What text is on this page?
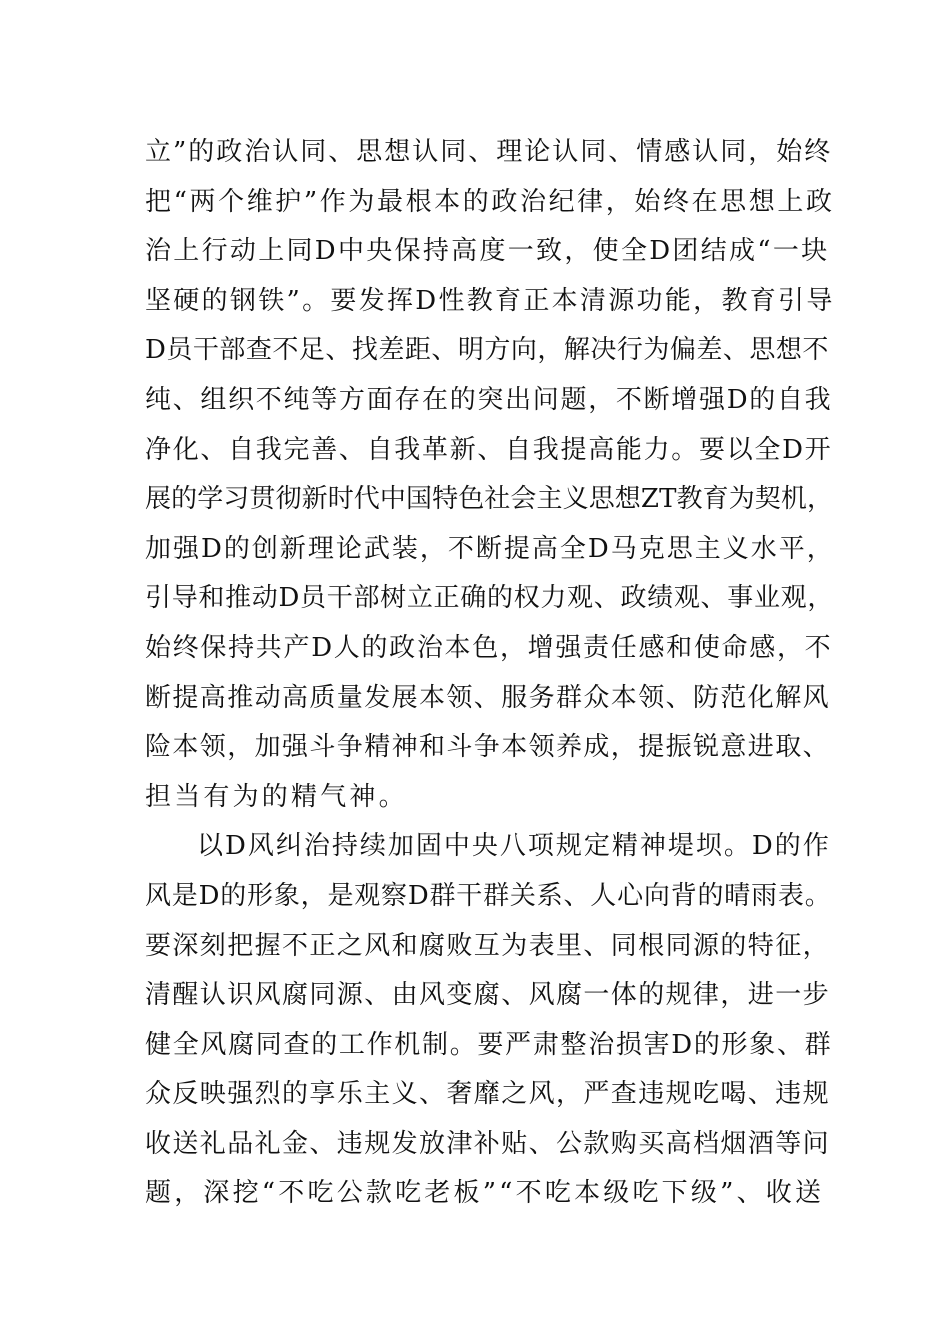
立”的政治认同、思想认同、理论认同、情感认同，始终
把“两个维护”作为最根本的政治纪律，始终在思想上政
治上行动上同D中央保持高度一致，使全D团结成“一块
坚硬的钢铁”。要发挥D性教育正本清源功能，教育引导
D员干部查不足、找差距、明方向，解决行为偏差、思想不
纯、组织不纯等方面存在的突出问题，不断增强D的自我
净化、自我完善、自我革新、自我提高能力。要以全D开
展的学习贯彻新时代中国特色社会主义思想ZT教育为契机，
加强D的创新理论武装，不断提高全D马克思主义水平，
引导和推动D员干部树立正确的权力观、政绩观、事业观，
始终保持共产D人的政治本色，增强责任感和使命感，不
断提高推动高质量发展本领、服务群众本领、防范化解风
险本领，加强斗争精神和斗争本领养成，提振锐意进取、
担当有为的精气神。
以D风纠治持续加固中央八项规定精神堤坝。D的作
风是D的形象，是观察D群干群关系、人心向背的晴雨表。
要深刻把握不正之风和腐败互为表里、同根同源的特征，
清醒认识风腐同源、由风变腐、风腐一体的规律，进一步
健全风腐同查的工作机制。要严肃整治损害D的形象、群
众反映强烈的享乐主义、奢靡之风，严查违规吃喝、违规
收送礼品礼金、违规发放津补贴、公款购买高档烟酒等问
题，深挖“不吃公款吃老板”“不吃本级吃下级”、收送
